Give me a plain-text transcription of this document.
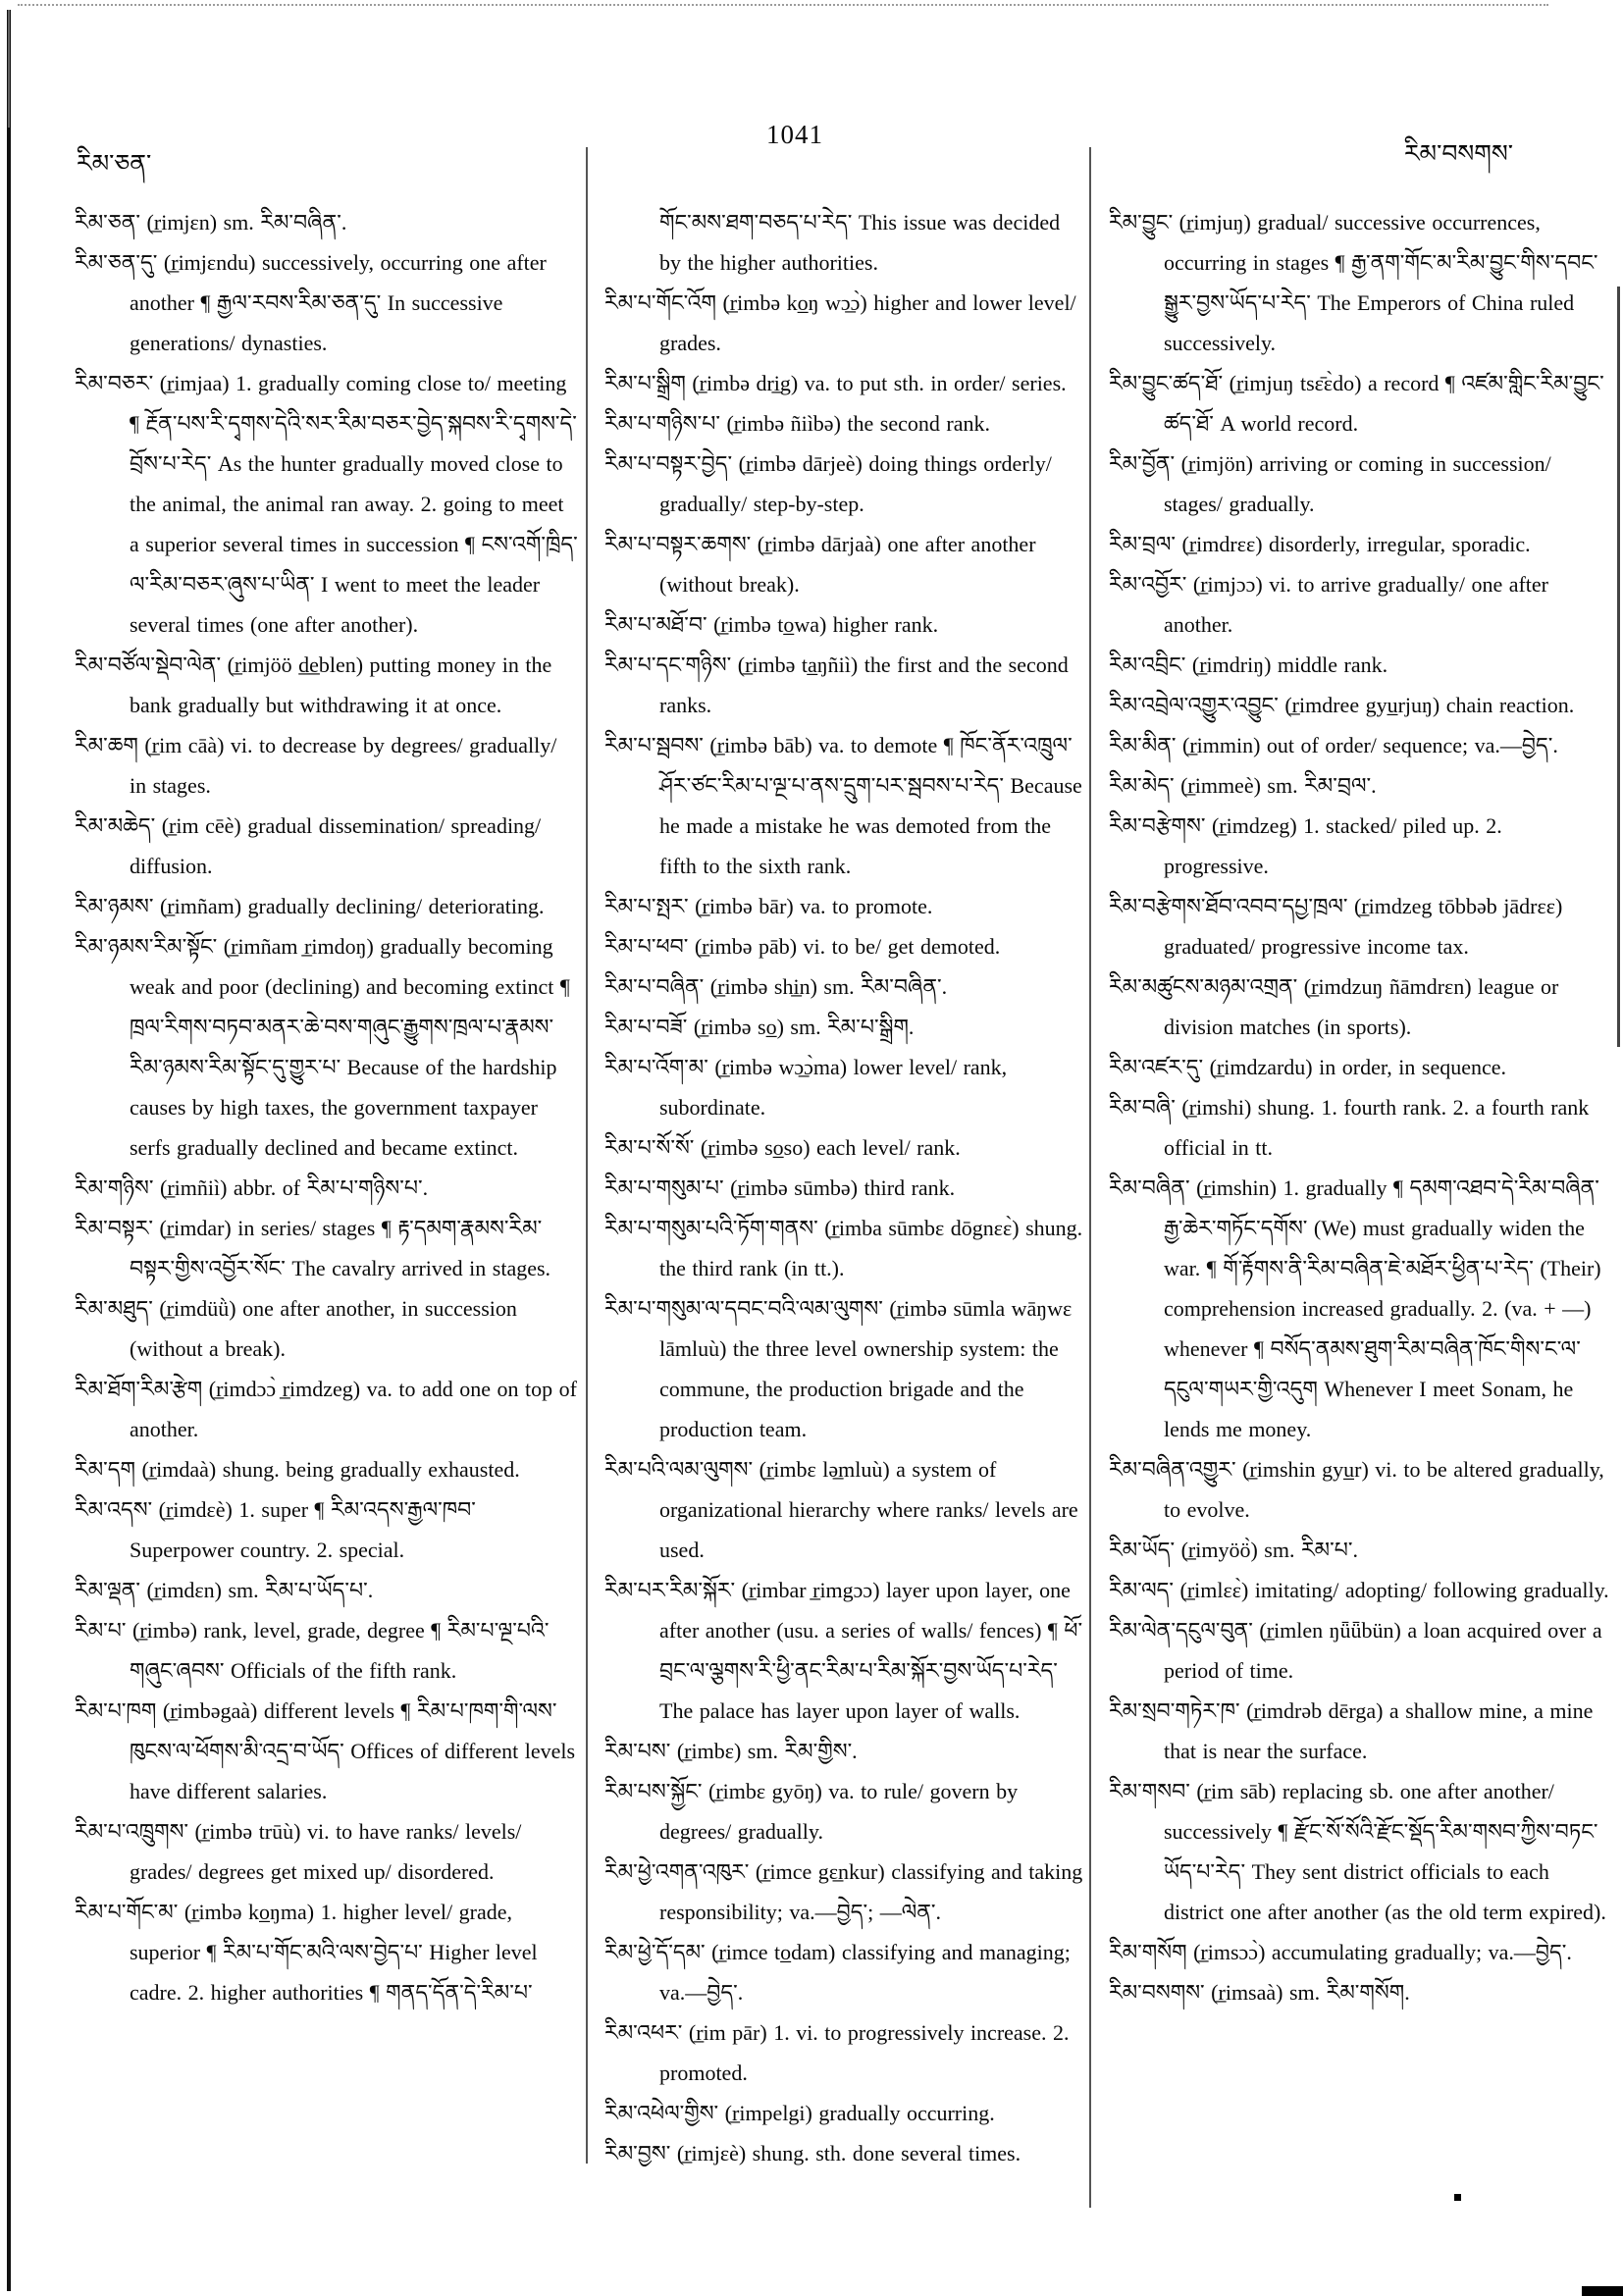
རིམ་ཅན་
1041
རིམ་བསགས་

རིམ་ཅན་ (r̲imjɛn) sm. རིམ་བཞིན་.

རིམ་ཅན་དུ་ (r̲imjɛndu) successively, occurring one after another ¶ རྒྱལ་རབས་རིམ་ཅན་དུ་ In successive generations/ dynasties.

རིམ་བཅར་ (r̲imjaa) 1. gradually coming close to/ meeting ¶ རྔོན་པས་རི་དྭགས་དེའི་སར་རིམ་བཅར་བྱེད་སྐབས་རི་དྭགས་དེ་བྲོས་པ་རེད་ As the hunter gradually moved close to the animal, the animal ran away. 2. going to meet a superior several times in succession ¶ ངས་འགོ་ཁྲིད་ལ་རིམ་བཅར་ཞུས་པ་ཡིན་ I went to meet the leader several times (one after another).

རིམ་བཙོལ་སྡེབ་ལེན་ (r̲imjöö d̲e̲blen) putting money in the bank gradually but withdrawing it at once.

རིམ་ཆག (r̲im cāà) vi. to decrease by degrees/ gradually/ in stages.

རིམ་མཆེད་ (r̲im cēè) gradual dissemination/ spreading/ diffusion.

རིམ་ཉམས་ (r̲imñam) gradually declining/ deteriorating.

རིམ་ཉམས་རིམ་སྟོང་ (r̲imñam r̲imdoŋ) gradually becoming weak and poor (declining) and becoming extinct ¶ ཁྲལ་རིགས་བཏབ་མནར་ཆེ་བས་གཞུང་རྒྱུགས་ཁྲལ་པ་རྣམས་རིམ་ཉམས་རིམ་སྟོང་དུ་གྱུར་པ་ Because of the hardship causes by high taxes, the government taxpayer serfs gradually declined and became extinct.

རིམ་གཉིས་ (r̲imñiì) abbr. of རིམ་པ་གཉིས་པ་.

རིམ་བསྟར་ (r̲imdar) in series/ stages ¶ རྟ་དམག་རྣམས་རིམ་བསྟར་གྱིས་འབྱོར་སོང་ The cavalry arrived in stages.

རིམ་མཐུད་ (r̲imdüǜ) one after another, in succession (without a break).

རིམ་ཐོག་རིམ་རྩེག (r̲imdɔɔ̀ r̲imdzeg) va. to add one on top of another.

རིམ་དག (r̲imdaà) shung. being gradually exhausted.

རིམ་འདས་ (r̲imdɛè) 1. super ¶ རིམ་འདས་རྒྱལ་ཁབ་ Superpower country. 2. special.

རིམ་ལྡན་ (r̲imdɛn) sm. རིམ་པ་ཡོད་པ་.

རིམ་པ་ (r̲imbə) rank, level, grade, degree ¶ རིམ་པ་ལྔ་པའི་གཞུང་ཞབས་ Officials of the fifth rank.

རིམ་པ་ཁག (r̲imbəgaà) different levels ¶ རིམ་པ་ཁག་གི་ལས་ཁུངས་ལ་ཕོགས་མི་འདྲ་བ་ཡོད་ Offices of different levels have different salaries.

རིམ་པ་འཁྲུགས་ (r̲imbə trūù) vi. to have ranks/ levels/ grades/ degrees get mixed up/ disordered.

རིམ་པ་གོང་མ་ (r̲imbə ko̲ŋma) 1. higher level/ grade, superior ¶ རིམ་པ་གོང་མའི་ལས་བྱེད་པ་ Higher level cadre. 2. higher authorities ¶ གནད་དོན་དེ་རིམ་པ་

གོང་མས་ཐག་བཅད་པ་རེད་ This issue was decided by the higher authorities.

རིམ་པ་གོང་འོག (r̲imbə ko̲ŋ wɔ̲ɔ̀) higher and lower level/ grades.

རིམ་པ་སྒྲིག (r̲imbə dri̲g) va. to put sth. in order/ series.

རིམ་པ་གཉིས་པ་ (r̲imbə ñiìbə) the second rank.

རིམ་པ་བསྟར་བྱེད་ (r̲imbə dārjeè) doing things orderly/ gradually/ step-by-step.

རིམ་པ་བསྟར་ཆགས་ (r̲imbə dārjaà) one after another (without break).

རིམ་པ་མཐོ་བ་ (r̲imbə to̲wa) higher rank.

རིམ་པ་དང་གཉིས་ (r̲imbə ta̲ŋñiì) the first and the second ranks.

རིམ་པ་སྦབས་ (r̲imbə bāb) va. to demote ¶ ཁོང་ནོར་འཁྲུལ་ཤོར་ཙང་རིམ་པ་ལྔ་པ་ནས་དྲུག་པར་སྦབས་པ་རེད་ Because he made a mistake he was demoted from the fifth to the sixth rank.

རིམ་པ་སྤར་ (r̲imbə bār) va. to promote.

རིམ་པ་ཕབ་ (r̲imbə pāb) vi. to be/ get demoted.

རིམ་པ་བཞིན་ (r̲imbə shi̲n) sm. རིམ་བཞིན་.

རིམ་པ་བཟོ་ (r̲imbə so̲) sm. རིམ་པ་སྒྲིག.

རིམ་པ་འོག་མ་ (r̲imbə wɔ̲ɔ̀ma) lower level/ rank, subordinate.

རིམ་པ་སོ་སོ་ (r̲imbə so̲so) each level/ rank.

རིམ་པ་གསུམ་པ་ (r̲imbə sūmbə) third rank.

རིམ་པ་གསུམ་པའི་ཏོག་གནས་ (r̲imba sūmbɛ dōgnɛɛ̀) shung. the third rank (in tt.).

རིམ་པ་གསུམ་ལ་དབང་བའི་ལམ་ལུགས་ (r̲imbə sūmla wāŋwɛ lāmluù) the three level ownership system: the commune, the production brigade and the production team.

རིམ་པའི་ལམ་ལུགས་ (r̲imbɛ lə̲mluù) a system of organizational hierarchy where ranks/ levels are used.

རིམ་པར་རིམ་སྐོར་ (r̲imbar r̲imgɔɔ) layer upon layer, one after another (usu. a series of walls/ fences) ¶ ཕོ་བྲང་ལ་ལྕགས་རི་ཕྱི་ནང་རིམ་པ་རིམ་སྐོར་བྱས་ཡོད་པ་རེད་ The palace has layer upon layer of walls.

རིམ་པས་ (r̲imbɛ) sm. རིམ་གྱིས་.

རིམ་པས་སྐྱོང་ (r̲imbɛ gyōŋ) va. to rule/ govern by degrees/ gradually.

རིམ་ཕྱེ་འགན་འཁུར་ (r̲imce gɛ̲nkur) classifying and taking responsibility; va.—བྱེད་; —ལེན་.

རིམ་ཕྱེ་དོ་དམ་ (r̲imce to̲dam) classifying and managing; va.—བྱེད་.

རིམ་འཕར་ (r̲im pār) 1. vi. to progressively increase. 2. promoted.

རིམ་འཕེལ་གྱིས་ (r̲impelgi) gradually occurring.

རིམ་བྱས་ (r̲imjɛè) shung. sth. done several times.

རིམ་བྱུང་ (r̲imjuŋ) gradual/ successive occurrences, occurring in stages ¶ རྒྱ་ནག་གོང་མ་རིམ་བྱུང་གིས་དབང་སྒྱུར་བྱས་ཡོད་པ་རེད་ The Emperors of China ruled successively.

རིམ་བྱུང་ཚད་ཐོ་ (r̲imjuŋ tsɛ̄ɛ̀do) a record ¶ འཛམ་གླིང་རིམ་བྱུང་ཚད་ཐོ་ A world record.

རིམ་བྱོན་ (r̲imjön) arriving or coming in succession/ stages/ gradually.

རིམ་བྲལ་ (r̲imdrɛɛ) disorderly, irregular, sporadic.

རིམ་འབྱོར་ (r̲imjɔɔ) vi. to arrive gradually/ one after another.

རིམ་འབྲིང་ (r̲imdriŋ) middle rank.

རིམ་འབྲེལ་འགྱུར་འབྱུང་ (r̲imdree gyu̲rjuŋ) chain reaction.

རིམ་མིན་ (r̲immin) out of order/ sequence; va.—བྱེད་.

རིམ་མེད་ (r̲immeè) sm. རིམ་བྲལ་.

རིམ་བརྩེགས་ (r̲imdzeg) 1. stacked/ piled up. 2. progressive.

རིམ་བརྩེགས་ཐོབ་འབབ་དཔྱ་ཁྲལ་ (r̲imdzeg tōbbəb jādrɛɛ) graduated/ progressive income tax.

རིམ་མཚུངས་མཉམ་འགྲན་ (r̲imdzuŋ ñāmdrɛn) league or division matches (in sports).

རིམ་འཛར་དུ་ (r̲imdzardu) in order, in sequence.

རིམ་བཞི་ (r̲imshi) shung. 1. fourth rank. 2. a fourth rank official in tt.

རིམ་བཞིན་ (r̲imshin) 1. gradually ¶ དམག་འཐབ་དེ་རིམ་བཞིན་རྒྱ་ཆེར་གཏོང་དགོས་ (We) must gradually widen the war. ¶ གོ་རྟོགས་ནི་རིམ་བཞིན་ཇེ་མཐོར་ཕྱིན་པ་རེད་ (Their) comprehension increased gradually. 2. (va. + —) whenever ¶ བསོད་ནམས་ཐུག་རིམ་བཞིན་ཁོང་གིས་ང་ལ་དངུལ་གཡར་གྱི་འདུག Whenever I meet Sonam, he lends me money.

རིམ་བཞིན་འགྱུར་ (r̲imshin gyu̲r) vi. to be altered gradually, to evolve.

རིམ་ཡོད་ (r̲imyöö̀) sm. རིམ་པ་.

རིམ་ལད་ (r̲imlɛɛ̀) imitating/ adopting/ following gradually.

རིམ་ལེན་དངུལ་བུན་ (r̲imlen ŋǖǖbün) a loan acquired over a period of time.

རིམ་སྲབ་གཏེར་ཁ་ (r̲imdrəb dērga) a shallow mine, a mine that is near the surface.

རིམ་གསབ་ (r̲im sāb) replacing sb. one after another/ successively ¶ རྫོང་སོ་སོའི་རྫོང་སྡོད་རིམ་གསབ་ཀྱིས་བཏང་ཡོད་པ་རེད་ They sent district officials to each district one after another (as the old term expired).

རིམ་གསོག (r̲imsɔɔ̀) accumulating gradually; va.—བྱེད་.

རིམ་བསགས་ (r̲imsaà) sm. རིམ་གསོག.
